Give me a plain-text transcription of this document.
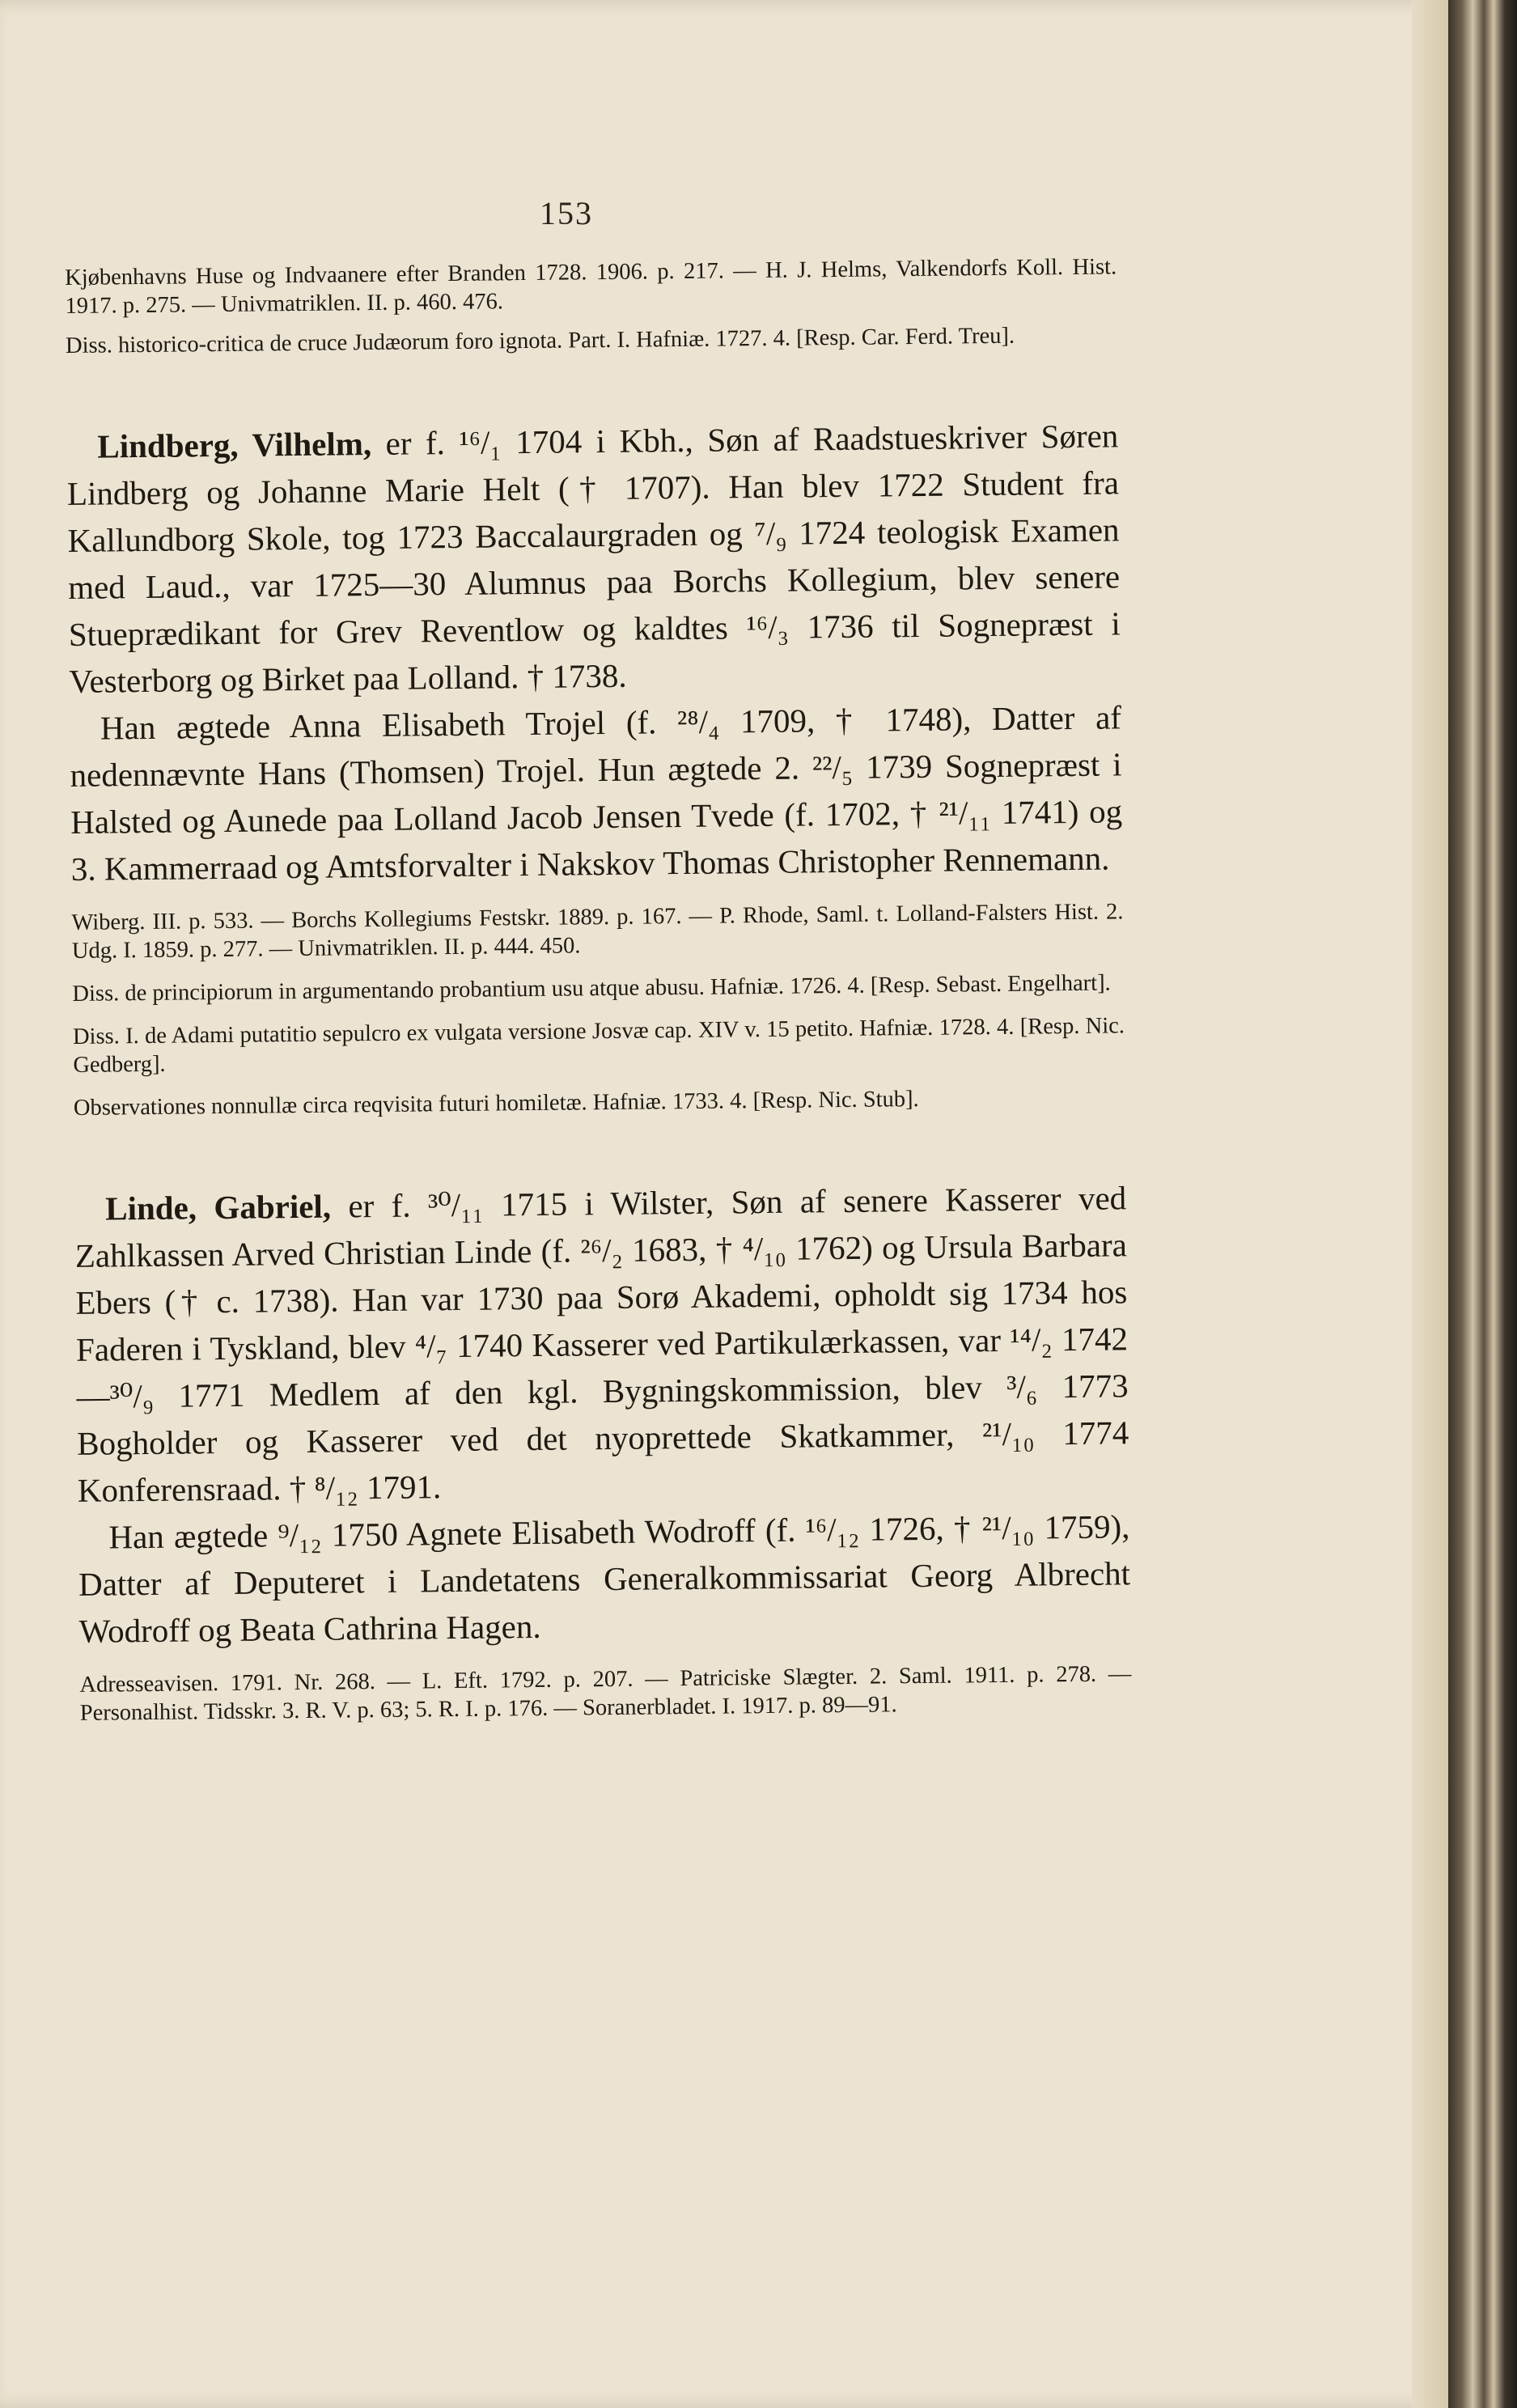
153

Kjøbenhavns Huse og Indvaanere efter Branden 1728. 1906. p. 217. — H. J. Helms, Valkendorfs Koll. Hist. 1917. p. 275. — Univmatriklen. II. p. 460. 476.

Diss. historico-critica de cruce Judæorum foro ignota. Part. I. Hafniæ. 1727. 4. [Resp. Car. Ferd. Treu].

Lindberg, Vilhelm, er f. ¹⁶/₁ 1704 i Kbh., Søn af Raadstueskriver Søren Lindberg og Johanne Marie Helt († 1707). Han blev 1722 Student fra Kallundborg Skole, tog 1723 Baccalaurgraden og ⁷/₉ 1724 teologisk Examen med Laud., var 1725—30 Alumnus paa Borchs Kollegium, blev senere Stueprædikant for Grev Reventlow og kaldtes ¹⁶/₃ 1736 til Sognepræst i Vesterborg og Birket paa Lolland. † 1738.

Han ægtede Anna Elisabeth Trojel (f. ²⁸/₄ 1709, † 1748), Datter af nedennævnte Hans (Thomsen) Trojel. Hun ægtede 2. ²²/₅ 1739 Sognepræst i Halsted og Aunede paa Lolland Jacob Jensen Tvede (f. 1702, † ²¹/₁₁ 1741) og 3. Kammerraad og Amtsforvalter i Nakskov Thomas Christopher Rennemann.

Wiberg. III. p. 533. — Borchs Kollegiums Festskr. 1889. p. 167. — P. Rhode, Saml. t. Lolland-Falsters Hist. 2. Udg. I. 1859. p. 277. — Univmatriklen. II. p. 444. 450.

Diss. de principiorum in argumentando probantium usu atque abusu. Hafniæ. 1726. 4. [Resp. Sebast. Engelhart].

Diss. I. de Adami putatitio sepulcro ex vulgata versione Josvæ cap. XIV v. 15 petito. Hafniæ. 1728. 4. [Resp. Nic. Gedberg].

Observationes nonnullæ circa reqvisita futuri homiletæ. Hafniæ. 1733. 4. [Resp. Nic. Stub].

Linde, Gabriel, er f. ³⁰/₁₁ 1715 i Wilster, Søn af senere Kasserer ved Zahlkassen Arved Christian Linde (f. ²⁶/₂ 1683, † ⁴/₁₀ 1762) og Ursula Barbara Ebers († c. 1738). Han var 1730 paa Sorø Akademi, opholdt sig 1734 hos Faderen i Tyskland, blev ⁴/₇ 1740 Kasserer ved Partikulærkassen, var ¹⁴/₂ 1742—³⁰/₉ 1771 Medlem af den kgl. Bygningskommission, blev ³/₆ 1773 Bogholder og Kasserer ved det nyoprettede Skatkammer, ²¹/₁₀ 1774 Konferensraad. † ⁸/₁₂ 1791.

Han ægtede ⁹/₁₂ 1750 Agnete Elisabeth Wodroff (f. ¹⁶/₁₂ 1726, † ²¹/₁₀ 1759), Datter af Deputeret i Landetatens Generalkommissariat Georg Albrecht Wodroff og Beata Cathrina Hagen.

Adresseavisen. 1791. Nr. 268. — L. Eft. 1792. p. 207. — Patriciske Slægter. 2. Saml. 1911. p. 278. — Personalhist. Tidsskr. 3. R. V. p. 63; 5. R. I. p. 176. — Soranerbladet. I. 1917. p. 89—91.
